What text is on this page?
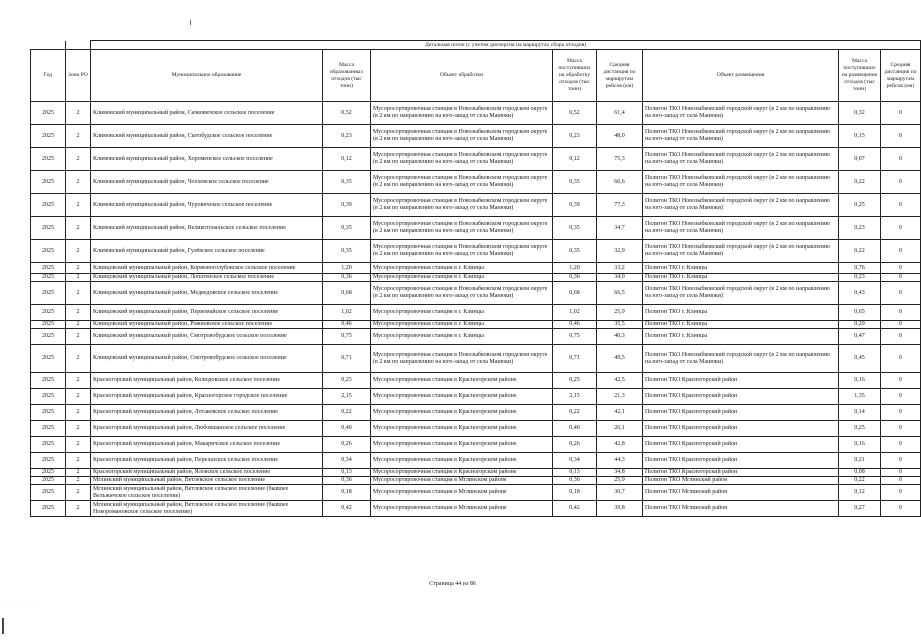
		Детальная поток (с учетом дисперсия на маршрутах сбора отходов)							
Год	Зона РО	Муниципальное образование	Масса образованных отходов (тыс тонн)	Объект обработки	Масса поступивших на обработку отходов (тыс тонн)	Средняя дистанция по маршрутам рейсов (км)	Объект размещения	Масса поступивших на размещение отходов (тыс тонн)	Средняя дистанция по маршрутам рейсов (км)
2025	2	Климовский муниципальный район, Сачковичское сельское поселение	0,52	Мусоросортировочная станция в Новозыбковском городском округе (в 2 км по направлению на юго-запад от села Манюки)	0,52	61,4	Полигон ТКО Новозыбковский городской округ (в 2 км по направлению на юго-запад от села Манюки)	0,32	0
2025	2	Климовский муниципальный район, Сытобудское сельское поселение	0,23	Мусоросортировочная станция в Новозыбковском городском округе (в 2 км по направлению на юго-запад от села Манюки)	0,23	48,0	Полигон ТКО Новозыбковский городской округ (в 2 км по направлению на юго-запад от села Манюки)	0,15	0
2025	2	Климовский муниципальный район, Хороменское сельское поселение	0,12	Мусоросортировочная станция в Новозыбковском городском округе (в 2 км по направлению на юго-запад от села Манюки)	0,12	75,3	Полигон ТКО Новозыбковский городской округ (в 2 км по направлению на юго-запад от села Манюки)	0,07	0
2025	2	Климовский муниципальный район, Чолховское сельское поселение	0,35	Мусоросортировочная станция в Новозыбковском городском округе (в 2 км по направлению на юго-запад от села Манюки)	0,35	66,6	Полигон ТКО Новозыбковский городской округ (в 2 км по направлению на юго-запад от села Манюки)	0,22	0
2025	2	Климовский муниципальный район, Чуровичское сельское поселение	0,39	Мусоросортировочная станция в Новозыбковском городском округе (в 2 км по направлению на юго-запад от села Манюки)	0,39	77,3	Полигон ТКО Новозыбковский городской округ (в 2 км по направлению на юго-запад от села Манюки)	0,25	0
2025	2	Климовский муниципальный район, Великотопальское сельское поселение	0,35	Мусоросортировочная станция в Новозыбковском городском округе (в 2 км по направлению на юго-запад от села Манюки)	0,35	34,7	Полигон ТКО Новозыбковский городской округ (в 2 км по направлению на юго-запад от села Манюки)	0,23	0
2025	2	Климовский муниципальный район, Гулёвское сельское поселение	0,35	Мусоросортировочная станция в Новозыбковском городском округе (в 2 км по направлению на юго-запад от села Манюки)	0,35	32,9	Полигон ТКО Новозыбковский городской округ (в 2 км по направлению на юго-запад от села Манюки)	0,22	0
2025	2	Клинцовский муниципальный район, Коржовоголубовское сельское поселение	1,20	Мусоросортировочная станция в г. Клинцы	1,20	33,2	Полигон ТКО г. Клинцы	0,76	0
2025	2	Клинцовский муниципальный район, Лопатенское сельское поселение	0,36	Мусоросортировочная станция в г. Клинцы	0,36	34,0	Полигон ТКО г. Клинцы	0,23	0
2025	2	Клинцовский муниципальный район, Медведовское сельское поселение	0,68	Мусоросортировочная станция в Новозыбковском городском округе (в 2 км по направлению на юго-запад от села Манюки)	0,68	66,5	Полигон ТКО Новозыбковский городской округ (в 2 км по направлению на юго-запад от села Манюки)	0,43	0
2025	2	Клинцовский муниципальный район, Первомайское сельское поселение	1,02	Мусоросортировочная станция в г. Клинцы	1,02	25,9	Полигон ТКО г. Клинцы	0,65	0
2025	2	Клинцовский муниципальный район, Рожновское сельское поселение	0,46	Мусоросортировочная станция в г. Клинцы	0,46	35,5	Полигон ТКО г. Клинцы	0,29	0
2025	2	Клинцовский муниципальный район, Смотровобудское сельское поселение	0,75	Мусоросортировочная станция в г. Клинцы	0,75	40,3	Полигон ТКО г. Клинцы	0,47	0
2025	2	Клинцовский муниципальный район, Смотровобудское сельское поселение	0,71	Мусоросортировочная станция в Новозыбковском городском округе (в 2 км по направлению на юго-запад от села Манюки)	0,71	49,5	Полигон ТКО Новозыбковский городской округ (в 2 км по направлению на юго-запад от села Манюки)	0,45	0
2025	2	Красногорский муниципальный район, Колюдовское сельское поселение	0,25	Мусоросортировочная станция в Красногорском районе	0,25	42,5	Полигон ТКО Красногорский район	0,16	0
2025	2	Красногорский муниципальный район, Красногорское городское поселение	2,15	Мусоросортировочная станция в Красногорском районе	2,15	21,3	Полигон ТКО Красногорский район	1,35	0
2025	2	Красногорский муниципальный район, Лотаковское сельское поселение	0,22	Мусоросортировочная станция в Красногорском районе	0,22	42,1	Полигон ТКО Красногорский район	0,14	0
2025	2	Красногорский муниципальный район, Любовшанское сельское поселение	0,40	Мусоросортировочная станция в Красногорском районе	0,40	26,1	Полигон ТКО Красногорский район	0,25	0
2025	2	Красногорский муниципальный район, Макаричское сельское поселение	0,26	Мусоросортировочная станция в Красногорском районе	0,26	42,8	Полигон ТКО Красногорский район	0,16	0
2025	2	Красногорский муниципальный район, Перелазское сельское поселение	0,34	Мусоросортировочная станция в Красногорском районе	0,34	44,3	Полигон ТКО Красногорский район	0,21	0
2025	2	Красногорский муниципальный район, Яловское сельское поселение	0,13	Мусоросортировочная станция в Красногорском районе	0,13	34,8	Полигон ТКО Красногорский район	0,08	0
2025	2	Мглинский муниципальный район, Ветлевское сельское поселение	0,36	Мусоросортировочная станция в Мглинском районе	0,36	25,9	Полигон ТКО Мглинский район	0,22	0
2025	2	Мглинский муниципальный район, Ветлевское сельское поселение (бывшее Вельжичское сельское поселение)	0,18	Мусоросортировочная станция в Мглинском районе	0,18	30,7	Полигон ТКО Мглинский район	0,12	0
2025	2	Мглинский муниципальный район, Ветлевское сельское поселение (бывшее Новоромановское сельское поселение)	0,42	Мусоросортировочная станция в Мглинском районе	0,42	39,8	Полигон ТКО Мглинский район	0,27	0
Страница 44 из 86
· · · · · ·
